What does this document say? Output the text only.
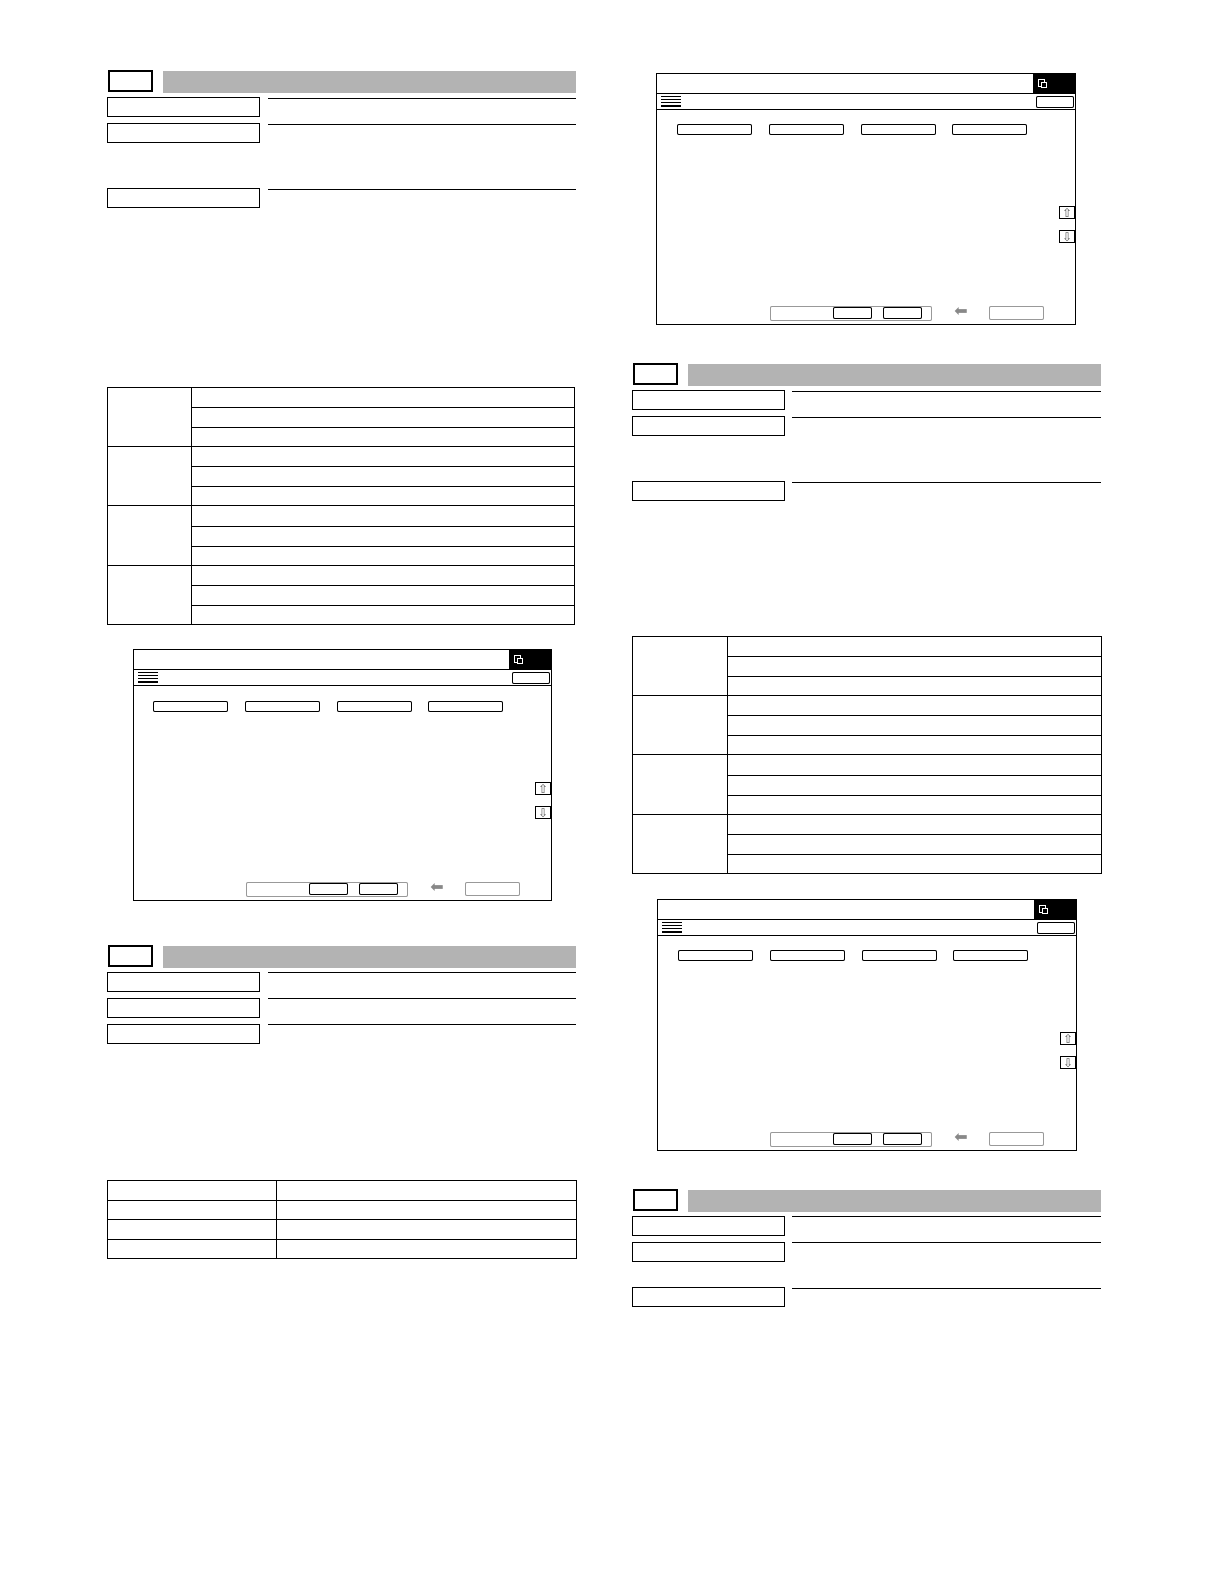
⇧
⇩
⬅

⇧
⇩
⬅

⇧
⇩
⬅
